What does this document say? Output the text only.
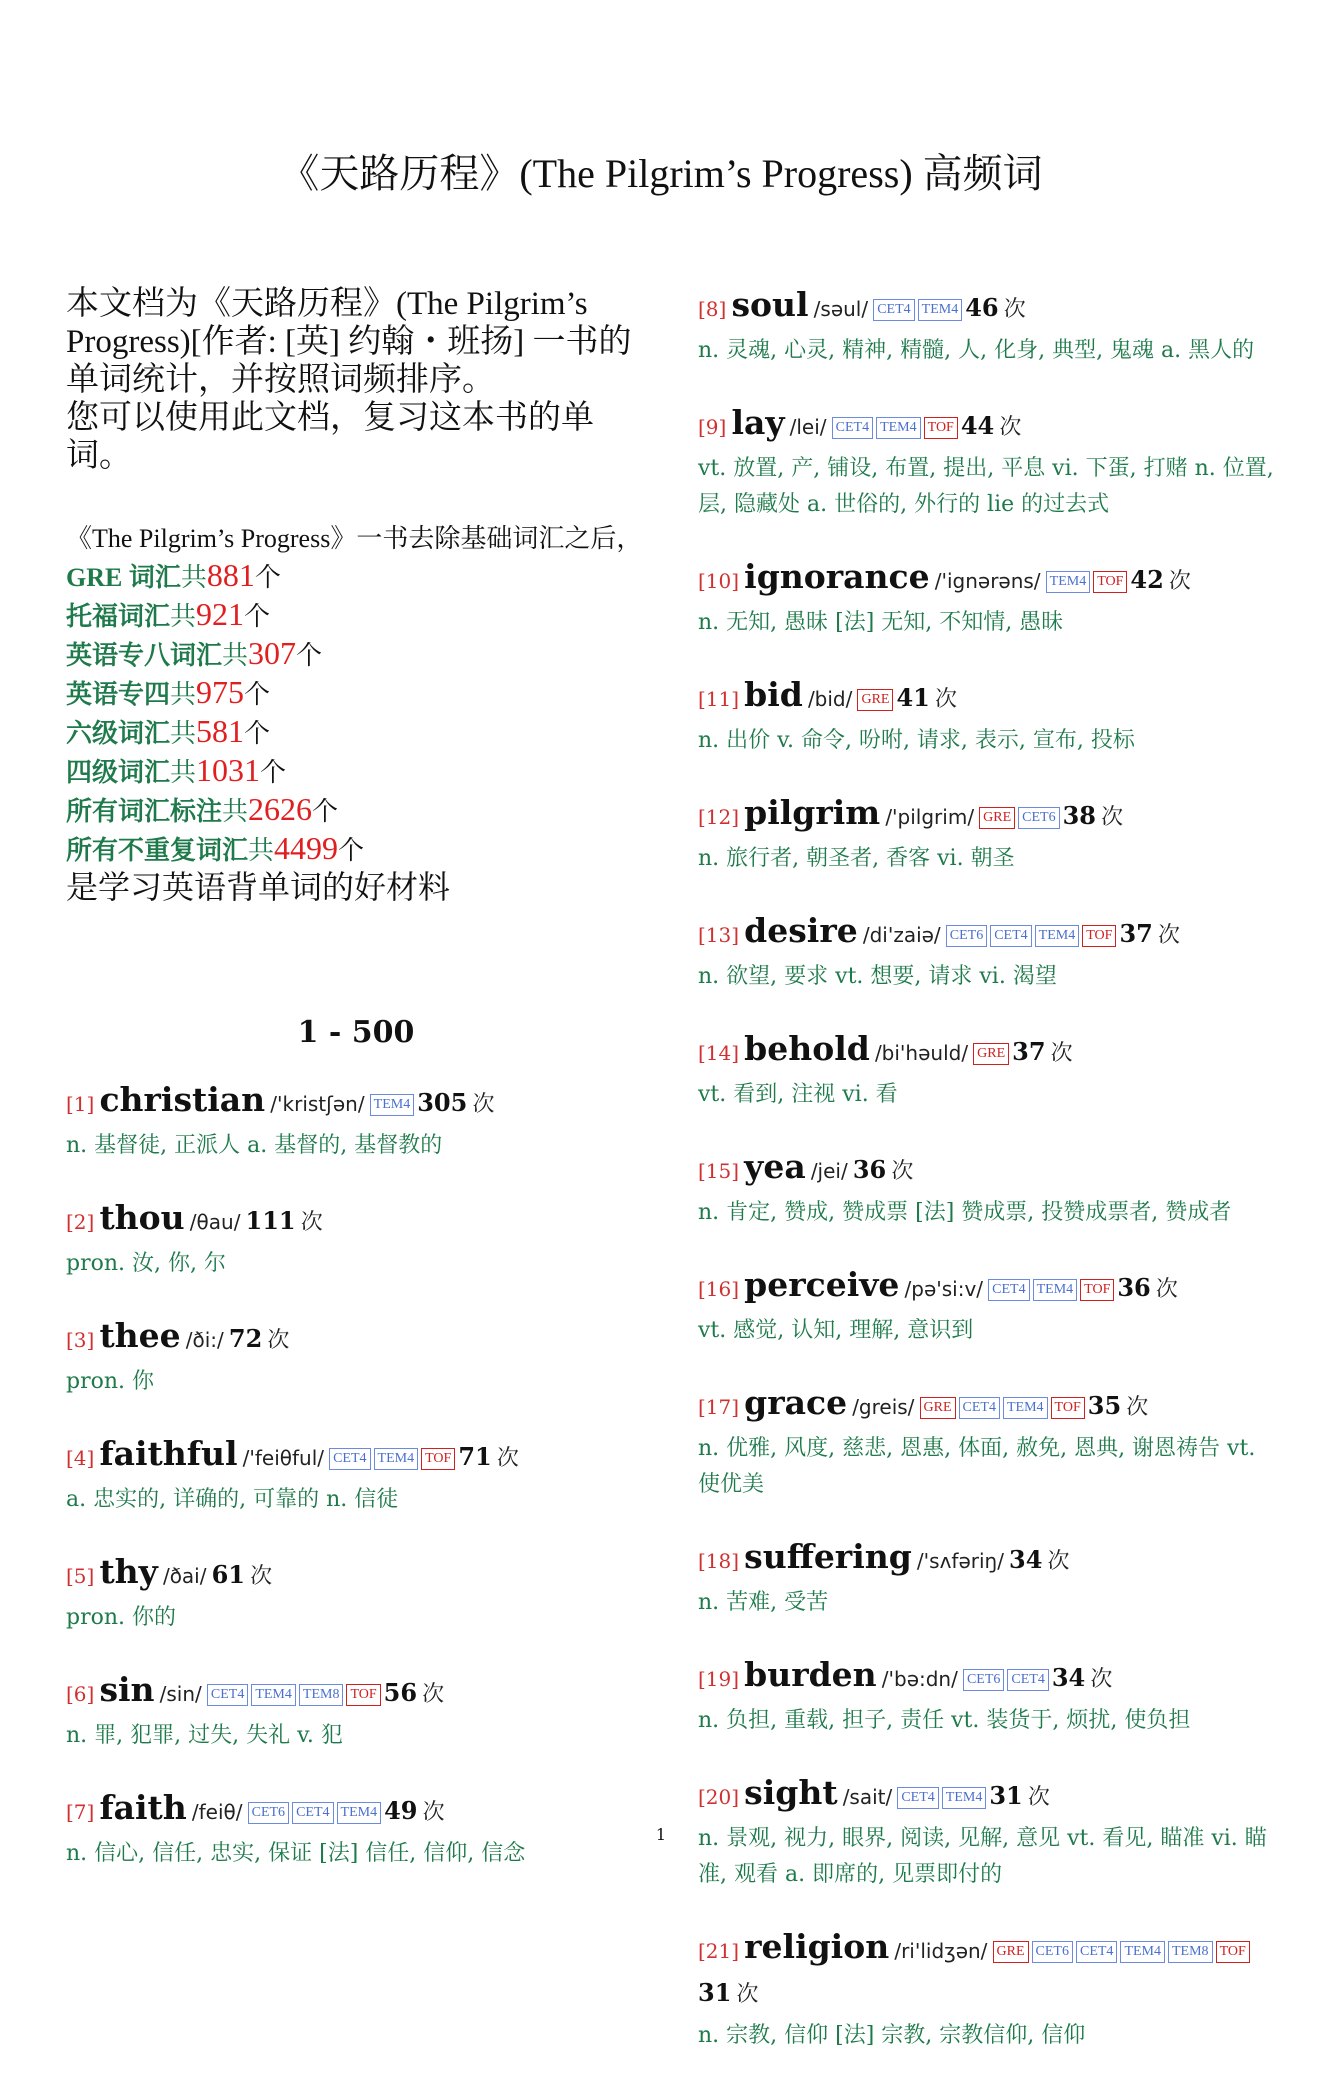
《天路历程》(The Pilgrim’s Progress) 高频词

本文档为《天路历程》(The Pilgrim’s Progress)[作者: [英] 约翰・班扬] 一书的单词统计，并按照词频排序。
您可以使用此文档，复习这本书的单词。

《The Pilgrim’s Progress》一书去除基础词汇之后，
GRE 词汇共881个
托福词汇共921个
英语专八词汇共307个
英语专四共975个
六级词汇共581个
四级词汇共1031个
所有词汇标注共2626个
所有不重复词汇共4499个
是学习英语背单词的好材料
1 - 500
[1] christian /'kristʃən/ TEM4 305 次
n. 基督徒, 正派人 a. 基督的, 基督教的
[2] thou /θau/ 111 次
pron. 汝, 你, 尔
[3] thee /ði:/ 72 次
pron. 你
[4] faithful /'feiθful/ CET4 TEM4 TOF 71 次
a. 忠实的, 详确的, 可靠的 n. 信徒
[5] thy /ðai/ 61 次
pron. 你的
[6] sin /sin/ CET4 TEM4 TEM8 TOF 56 次
n. 罪, 犯罪, 过失, 失礼 v. 犯
[7] faith /feiθ/ CET6 CET4 TEM4 49 次
n. 信心, 信任, 忠实, 保证 [法] 信任, 信仰, 信念
[8] soul /səul/ CET4 TEM4 46 次
n. 灵魂, 心灵, 精神, 精髓, 人, 化身, 典型, 鬼魂 a. 黑人的
[9] lay /lei/ CET4 TEM4 TOF 44 次
vt. 放置, 产, 铺设, 布置, 提出, 平息 vi. 下蛋, 打赌 n. 位置, 层, 隐藏处 a. 世俗的, 外行的 lie 的过去式
[10] ignorance /'ignərəns/ TEM4 TOF 42 次
n. 无知, 愚昧 [法] 无知, 不知情, 愚昧
[11] bid /bid/ GRE 41 次
n. 出价 v. 命令, 吩咐, 请求, 表示, 宣布, 投标
[12] pilgrim /'pilgrim/ GRE CET6 38 次
n. 旅行者, 朝圣者, 香客 vi. 朝圣
[13] desire /di'zaiə/ CET6 CET4 TEM4 TOF 37 次
n. 欲望, 要求 vt. 想要, 请求 vi. 渴望
[14] behold /bi'həuld/ GRE 37 次
vt. 看到, 注视 vi. 看
[15] yea /jei/ 36 次
n. 肯定, 赞成, 赞成票 [法] 赞成票, 投赞成票者, 赞成者
[16] perceive /pə'si:v/ CET4 TEM4 TOF 36 次
vt. 感觉, 认知, 理解, 意识到
[17] grace /greis/ GRE CET4 TEM4 TOF 35 次
n. 优雅, 风度, 慈悲, 恩惠, 体面, 赦免, 恩典, 谢恩祷告 vt. 使优美
[18] suffering /'sʌfəriŋ/ 34 次
n. 苦难, 受苦
[19] burden /'bə:dn/ CET6 CET4 34 次
n. 负担, 重载, 担子, 责任 vt. 装货于, 烦扰, 使负担
[20] sight /sait/ CET4 TEM4 31 次
n. 景观, 视力, 眼界, 阅读, 见解, 意见 vt. 看见, 瞄准 vi. 瞄准, 观看 a. 即席的, 见票即付的
[21] religion /ri'lidʒən/ GRE CET6 CET4 TEM4 TEM8 TOF31 次
n. 宗教, 信仰 [法] 宗教, 宗教信仰, 信仰
1
